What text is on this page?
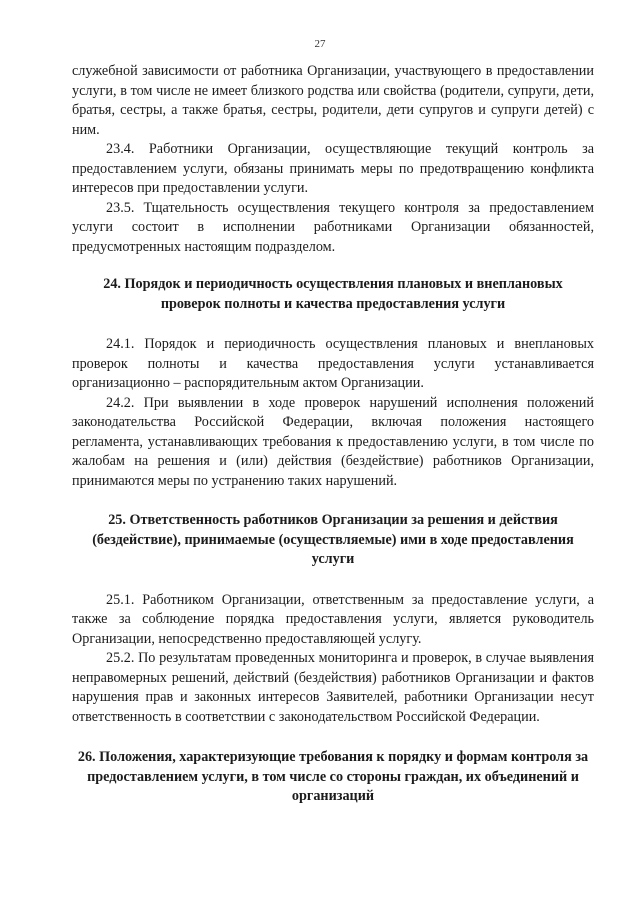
27

служебной зависимости от работника Организации, участвующего в предоставлении услуги, в том числе не имеет близкого родства или свойства (родители, супруги, дети, братья, сестры, а также братья, сестры, родители, дети супругов и супруги детей) с ним.

23.4. Работники Организации, осуществляющие текущий контроль за предоставлением услуги, обязаны принимать меры по предотвращению конфликта интересов при предоставлении услуги.

23.5. Тщательность осуществления текущего контроля за предоставлением услуги состоит в исполнении работниками Организации обязанностей, предусмотренных настоящим подразделом.

24. Порядок и периодичность осуществления плановых и внеплановых проверок полноты и качества предоставления услуги

24.1. Порядок и периодичность осуществления плановых и внеплановых проверок полноты и качества предоставления услуги устанавливается организационно – распорядительным актом Организации.

24.2. При выявлении в ходе проверок нарушений исполнения положений законодательства Российской Федерации, включая положения настоящего регламента, устанавливающих требования к предоставлению услуги, в том числе по жалобам на решения и (или) действия (бездействие) работников Организации, принимаются меры по устранению таких нарушений.

25. Ответственность работников Организации за решения и действия (бездействие), принимаемые (осуществляемые) ими в ходе предоставления услуги

25.1. Работником Организации, ответственным за предоставление услуги, а также за соблюдение порядка предоставления услуги, является руководитель Организации, непосредственно предоставляющей услугу.

25.2. По результатам проведенных мониторинга и проверок, в случае выявления неправомерных решений, действий (бездействия) работников Организации и фактов нарушения прав и законных интересов Заявителей, работники Организации несут ответственность в соответствии с законодательством Российской Федерации.

26. Положения, характеризующие требования к порядку и формам контроля за предоставлением услуги, в том числе со стороны граждан, их объединений и организаций
